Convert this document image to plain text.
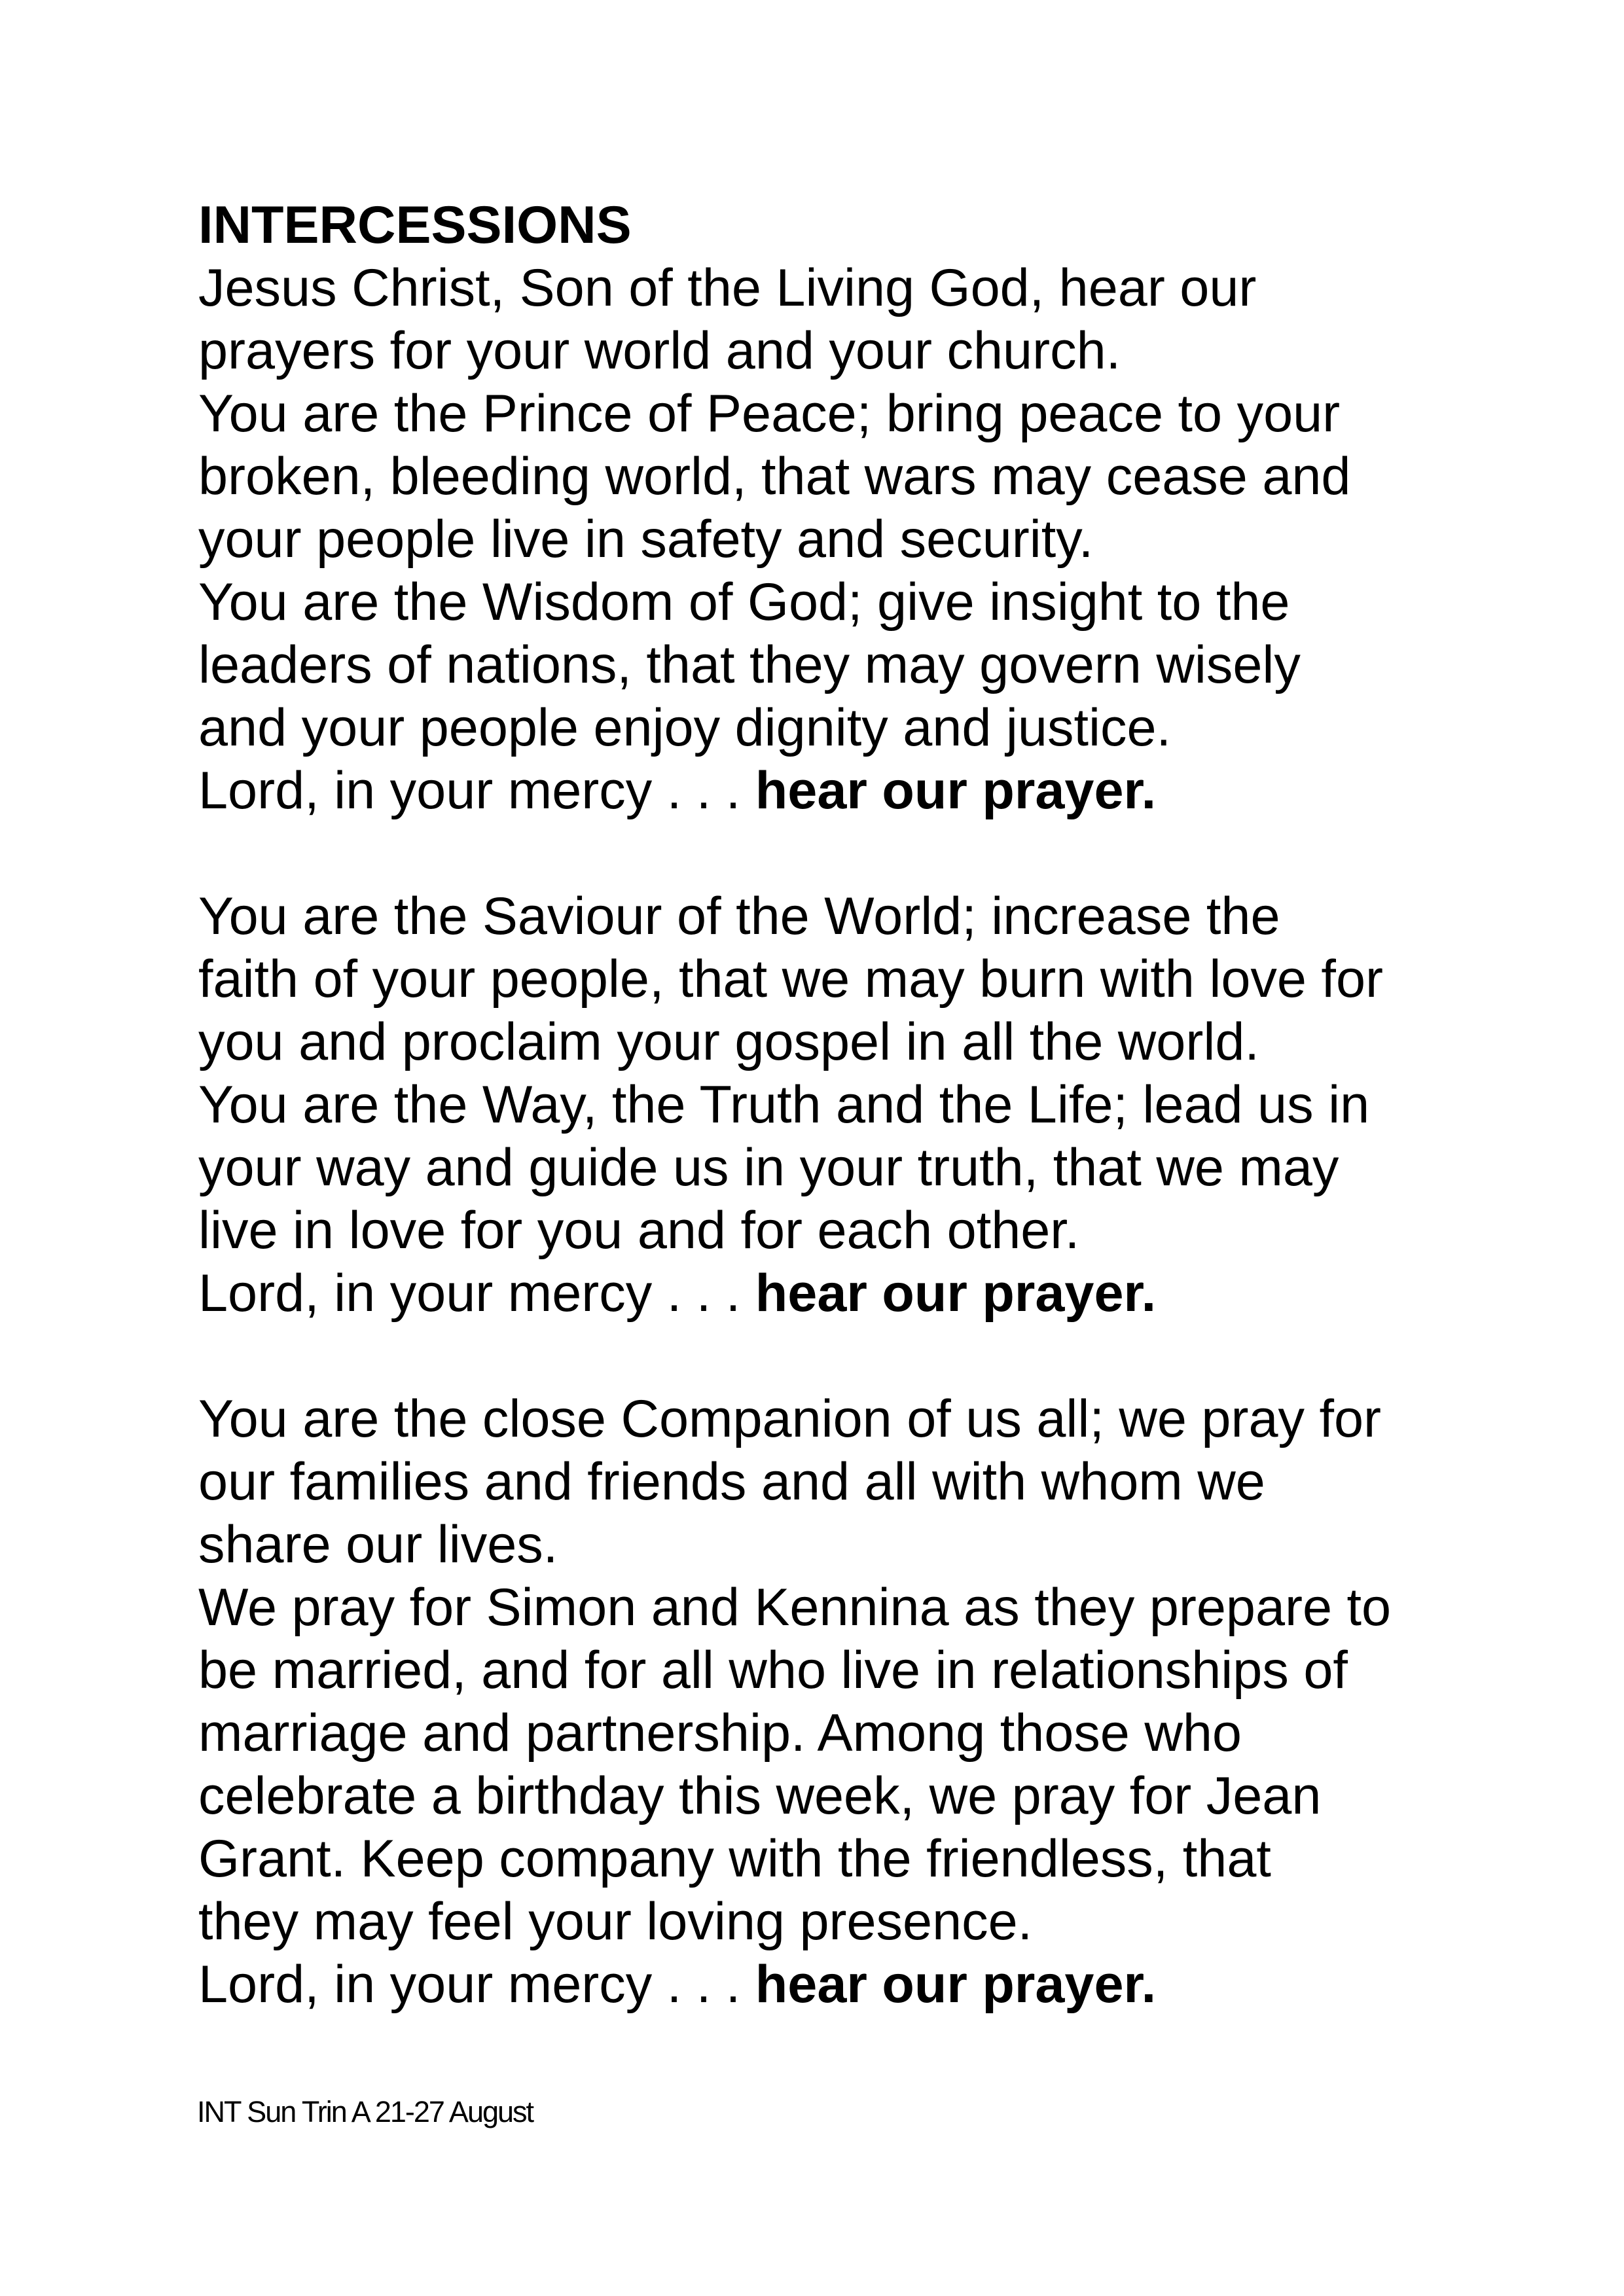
INTERCESSIONS
Jesus Christ, Son of the Living God, hear our
prayers for your world and your church.
You are the Prince of Peace; bring peace to your
broken, bleeding world, that wars may cease and
your people live in safety and security.
You are the Wisdom of God; give insight to the
leaders of nations, that they may govern wisely
and your people enjoy dignity and justice.
Lord, in your mercy . . . hear our prayer.
You are the Saviour of the World; increase the
faith of your people, that we may burn with love for
you and proclaim your gospel in all the world.
You are the Way, the Truth and the Life; lead us in
your way and guide us in your truth, that we may
live in love for you and for each other.
Lord, in your mercy . . . hear our prayer.
You are the close Companion of us all; we pray for
our families and friends and all with whom we
share our lives.
We pray for Simon and Kennina as they prepare to
be married, and for all who live in relationships of
marriage and partnership. Among those who
celebrate a birthday this week, we pray for Jean
Grant. Keep company with the friendless, that
they may feel your loving presence.
Lord, in your mercy . . . hear our prayer.
INT Sun Trin A 21-27 August
